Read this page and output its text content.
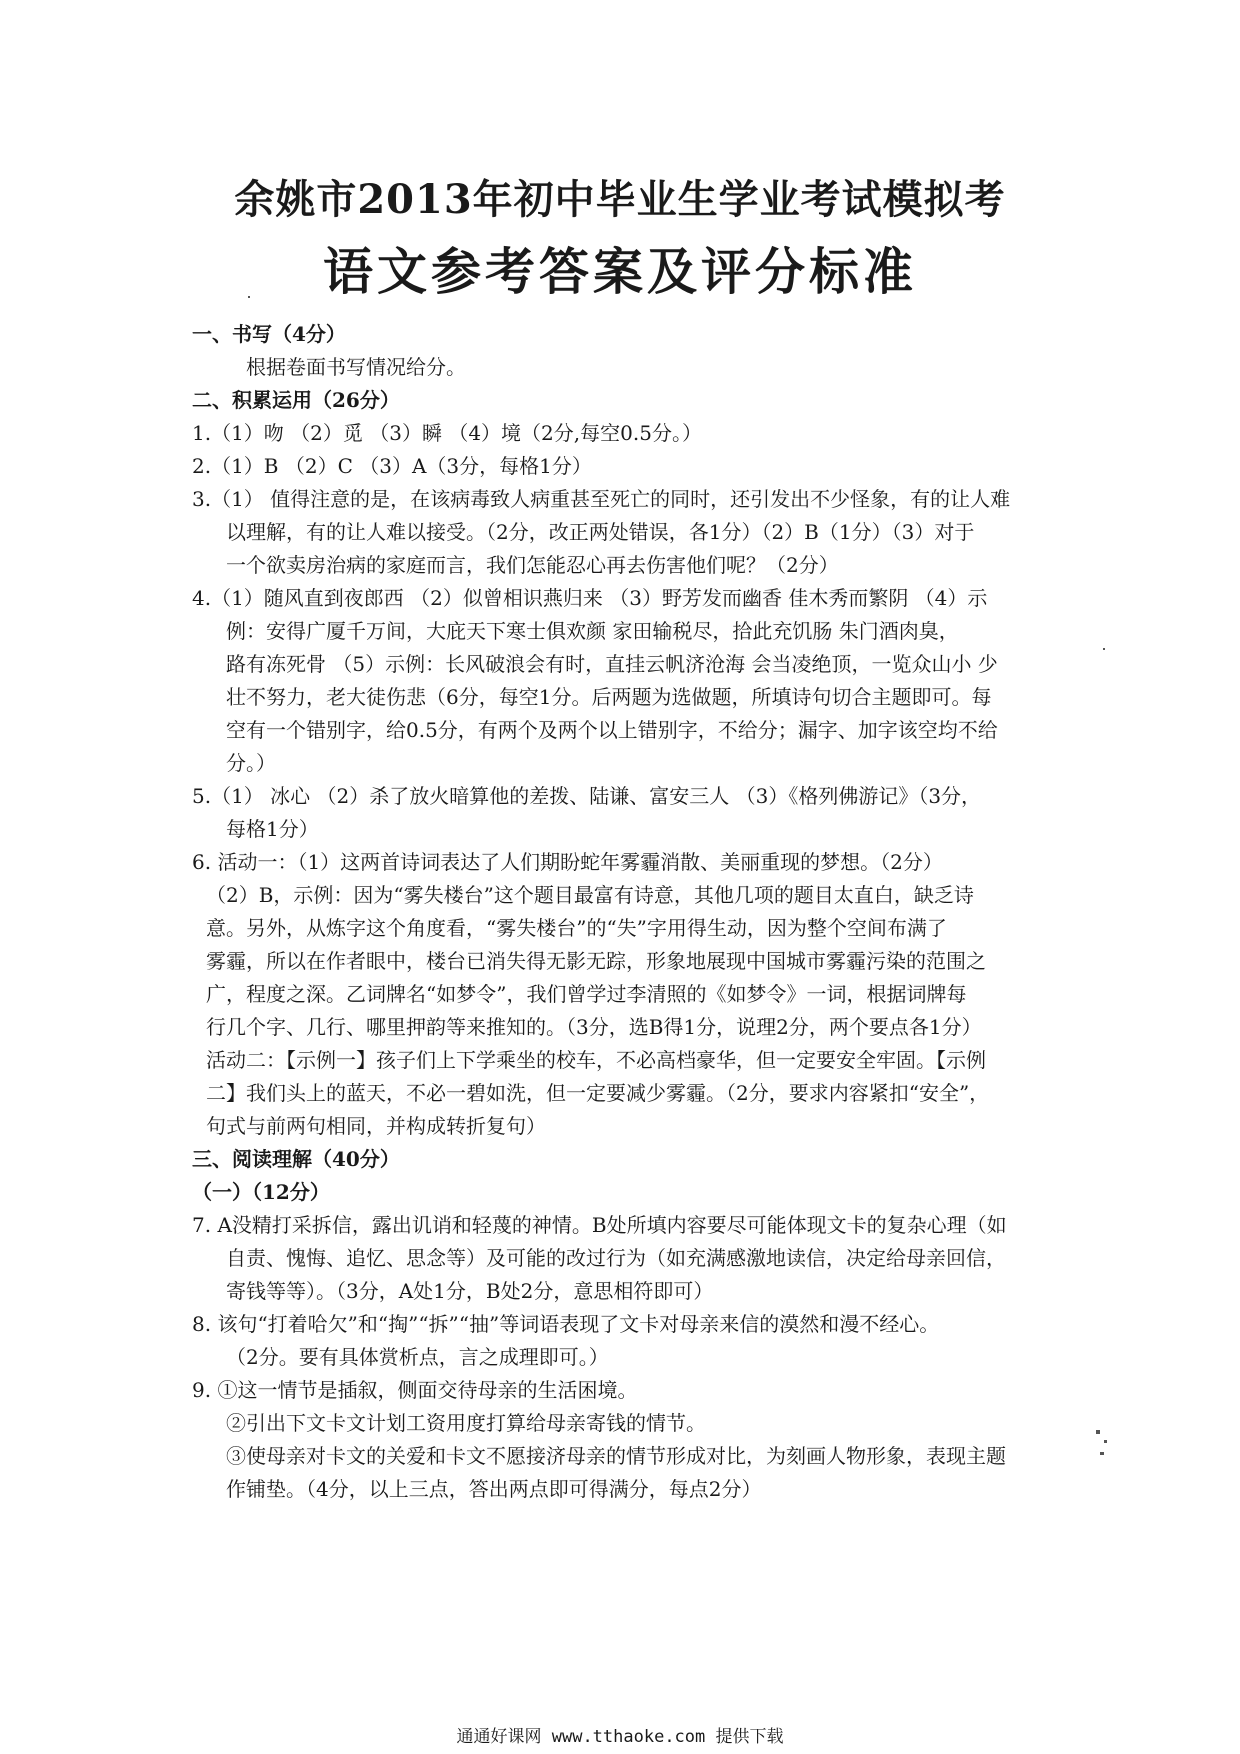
余姚市2013年初中毕业生学业考试模拟考
语文参考答案及评分标准
一、书写（4分）
根据卷面书写情况给分。
二、积累运用（26分）
1.（1）吻 （2）觅 （3）瞬 （4）境（2分,每空0.5分。）
2.（1）B （2）C （3）A（3分，每格1分）
3.（1） 值得注意的是，在该病毒致人病重甚至死亡的同时，还引发出不少怪象，有的让人难
以理解，有的让人难以接受。（2分，改正两处错误，各1分）（2）B（1分）（3）对于
一个欲卖房治病的家庭而言，我们怎能忍心再去伤害他们呢？（2分）
4.（1）随风直到夜郎西 （2）似曾相识燕归来 （3）野芳发而幽香 佳木秀而繁阴 （4）示
例：安得广厦千万间，大庇天下寒士俱欢颜 家田输税尽，拾此充饥肠 朱门酒肉臭，
路有冻死骨 （5）示例：长风破浪会有时，直挂云帆济沧海 会当凌绝顶，一览众山小 少
壮不努力，老大徒伤悲（6分，每空1分。后两题为选做题，所填诗句切合主题即可。每
空有一个错别字，给0.5分，有两个及两个以上错别字，不给分；漏字、加字该空均不给
分。）
5.（1） 冰心 （2）杀了放火暗算他的差拨、陆谦、富安三人 （3）《格列佛游记》（3分，
每格1分）
6. 活动一：（1）这两首诗词表达了人们期盼蛇年雾霾消散、美丽重现的梦想。（2分）
（2）B，示例：因为“雾失楼台”这个题目最富有诗意，其他几项的题目太直白，缺乏诗
意。另外，从炼字这个角度看，“雾失楼台”的“失”字用得生动，因为整个空间布满了
雾霾，所以在作者眼中，楼台已消失得无影无踪，形象地展现中国城市雾霾污染的范围之
广，程度之深。乙词牌名“如梦令”，我们曾学过李清照的《如梦令》一词，根据词牌每
行几个字、几行、哪里押韵等来推知的。（3分，选B得1分，说理2分，两个要点各1分）
活动二：【示例一】孩子们上下学乘坐的校车，不必高档豪华，但一定要安全牢固。【示例
二】我们头上的蓝天，不必一碧如洗，但一定要减少雾霾。（2分，要求内容紧扣“安全”，
句式与前两句相同，并构成转折复句）
三、阅读理解（40分）
（一）（12分）
7. A没精打采拆信，露出讥诮和轻蔑的神情。B处所填内容要尽可能体现文卡的复杂心理（如
自责、愧悔、追忆、思念等）及可能的改过行为（如充满感激地读信，决定给母亲回信，
寄钱等等）。（3分，A处1分，B处2分，意思相符即可）
8. 该句“打着哈欠”和“掏”“拆”“抽”等词语表现了文卡对母亲来信的漠然和漫不经心。
（2分。要有具体赏析点，言之成理即可。）
9. ①这一情节是插叙，侧面交待母亲的生活困境。
②引出下文卡文计划工资用度打算给母亲寄钱的情节。
③使母亲对卡文的关爱和卡文不愿接济母亲的情节形成对比，为刻画人物形象，表现主题
作铺垫。（4分，以上三点，答出两点即可得满分，每点2分）
通通好课网 www.tthaoke.com 提供下载
